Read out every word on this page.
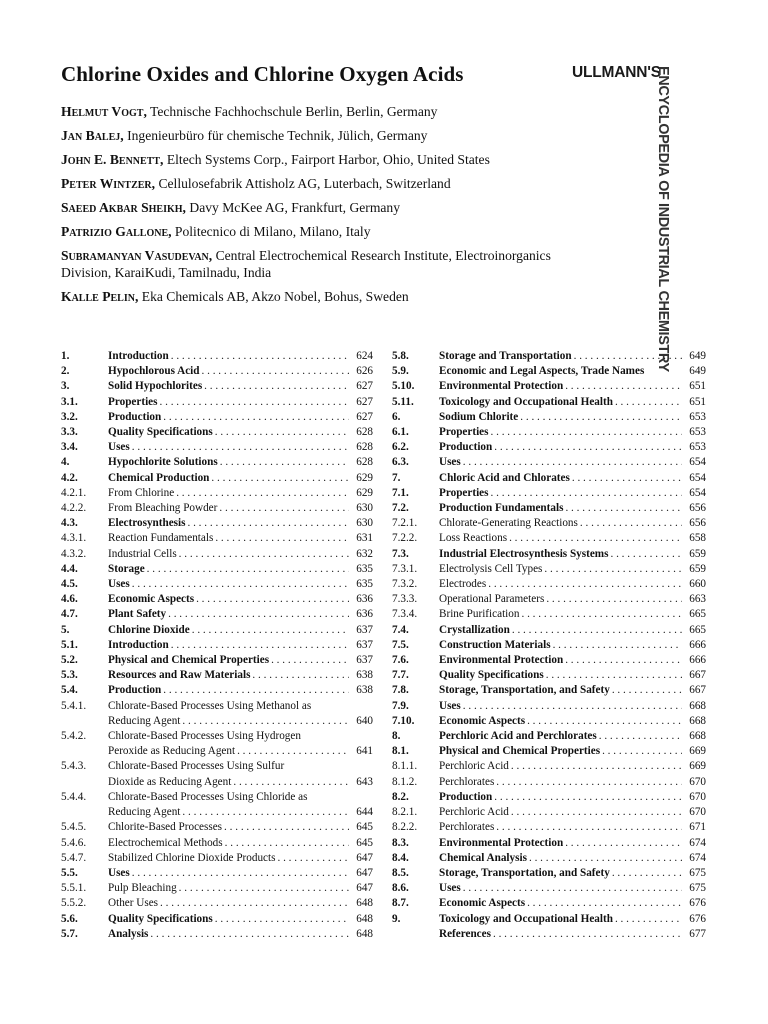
Chlorine Oxides and Chlorine Oxygen Acids	ULLMANN'S
ENCYCLOPEDIA OF INDUSTRIAL CHEMISTRY

Helmut Vogt, Technische Fachhochschule Berlin, Berlin, Germany

Jan Balej, Ingenieurbüro für chemische Technik, Jülich, Germany

John E. Bennett, Eltech Systems Corp., Fairport Harbor, Ohio, United States

Peter Wintzer, Cellulosefabrik Attisholz AG, Luterbach, Switzerland

Saeed Akbar Sheikh, Davy McKee AG, Frankfurt, Germany

Patrizio Gallone, Politecnico di Milano, Milano, Italy

Subramanyan Vasudevan, Central Electrochemical Research Institute, Electroinorganics Division, KaraiKudi, Tamilnadu, India

Kalle Pelin, Eka Chemicals AB, Akzo Nobel, Bohus, Sweden

1.	Introduction . . .	624
2.	Hypochlorous Acid . . .	626
3.	Solid Hypochlorites . . .	627
3.1.	Properties . . .	627
3.2.	Production . . .	627
3.3.	Quality Specifications . . .	628
3.4.	Uses . . .	628
4.	Hypochlorite Solutions . . .	628
4.2.	Chemical Production . . .	629
4.2.1.	From Chlorine . . .	629
4.2.2.	From Bleaching Powder . . .	630
4.3.	Electrosynthesis . . .	630
4.3.1.	Reaction Fundamentals . . .	631
4.3.2.	Industrial Cells . . .	632
4.4.	Storage . . .	635
4.5.	Uses . . .	635
4.6.	Economic Aspects . . .	636
4.7.	Plant Safety . . .	636
5.	Chlorine Dioxide . . .	637
5.1.	Introduction . . .	637
5.2.	Physical and Chemical Properties . . .	637
5.3.	Resources and Raw Materials . . .	638
5.4.	Production . . .	638
5.4.1.	Chlorate-Based Processes Using Methanol as
Reducing Agent . . .	640
5.4.2.	Chlorate-Based Processes Using Hydrogen
Peroxide as Reducing Agent . . .	641
5.4.3.	Chlorate-Based Processes Using Sulfur
Dioxide as Reducing Agent . . .	643
5.4.4.	Chlorate-Based Processes Using Chloride as
Reducing Agent . . .	644
5.4.5.	Chlorite-Based Processes . . .	645
5.4.6.	Electrochemical Methods . . .	645
5.4.7.	Stabilized Chlorine Dioxide Products . . .	647
5.5.	Uses . . .	647
5.5.1.	Pulp Bleaching . . .	647
5.5.2.	Other Uses . . .	648
5.6.	Quality Specifications . . .	648
5.7.	Analysis . . .	648
5.8.	Storage and Transportation . . .	649
5.9.	Economic and Legal Aspects, Trade Names	649
5.10.	Environmental Protection . . .	651
5.11.	Toxicology and Occupational Health . . .	651
6.	Sodium Chlorite . . .	653
6.1.	Properties . . .	653
6.2.	Production . . .	653
6.3.	Uses . . .	654
7.	Chloric Acid and Chlorates . . .	654
7.1.	Properties . . .	654
7.2.	Production Fundamentals . . .	656
7.2.1.	Chlorate-Generating Reactions . . .	656
7.2.2.	Loss Reactions . . .	658
7.3.	Industrial Electrosynthesis Systems . . .	659
7.3.1.	Electrolysis Cell Types . . .	659
7.3.2.	Electrodes . . .	660
7.3.3.	Operational Parameters . . .	663
7.3.4.	Brine Purification . . .	665
7.4.	Crystallization . . .	665
7.5.	Construction Materials . . .	666
7.6.	Environmental Protection . . .	666
7.7.	Quality Specifications . . .	667
7.8.	Storage, Transportation, and Safety . . .	667
7.9.	Uses . . .	668
7.10.	Economic Aspects . . .	668
8.	Perchloric Acid and Perchlorates . . .	668
8.1.	Physical and Chemical Properties . . .	669
8.1.1.	Perchloric Acid . . .	669
8.1.2.	Perchlorates . . .	670
8.2.	Production . . .	670
8.2.1.	Perchloric Acid . . .	670
8.2.2.	Perchlorates . . .	671
8.3.	Environmental Protection . . .	674
8.4.	Chemical Analysis . . .	674
8.5.	Storage, Transportation, and Safety . . .	675
8.6.	Uses . . .	675
8.7.	Economic Aspects . . .	676
9.	Toxicology and Occupational Health . . .	676
References . . .	677
